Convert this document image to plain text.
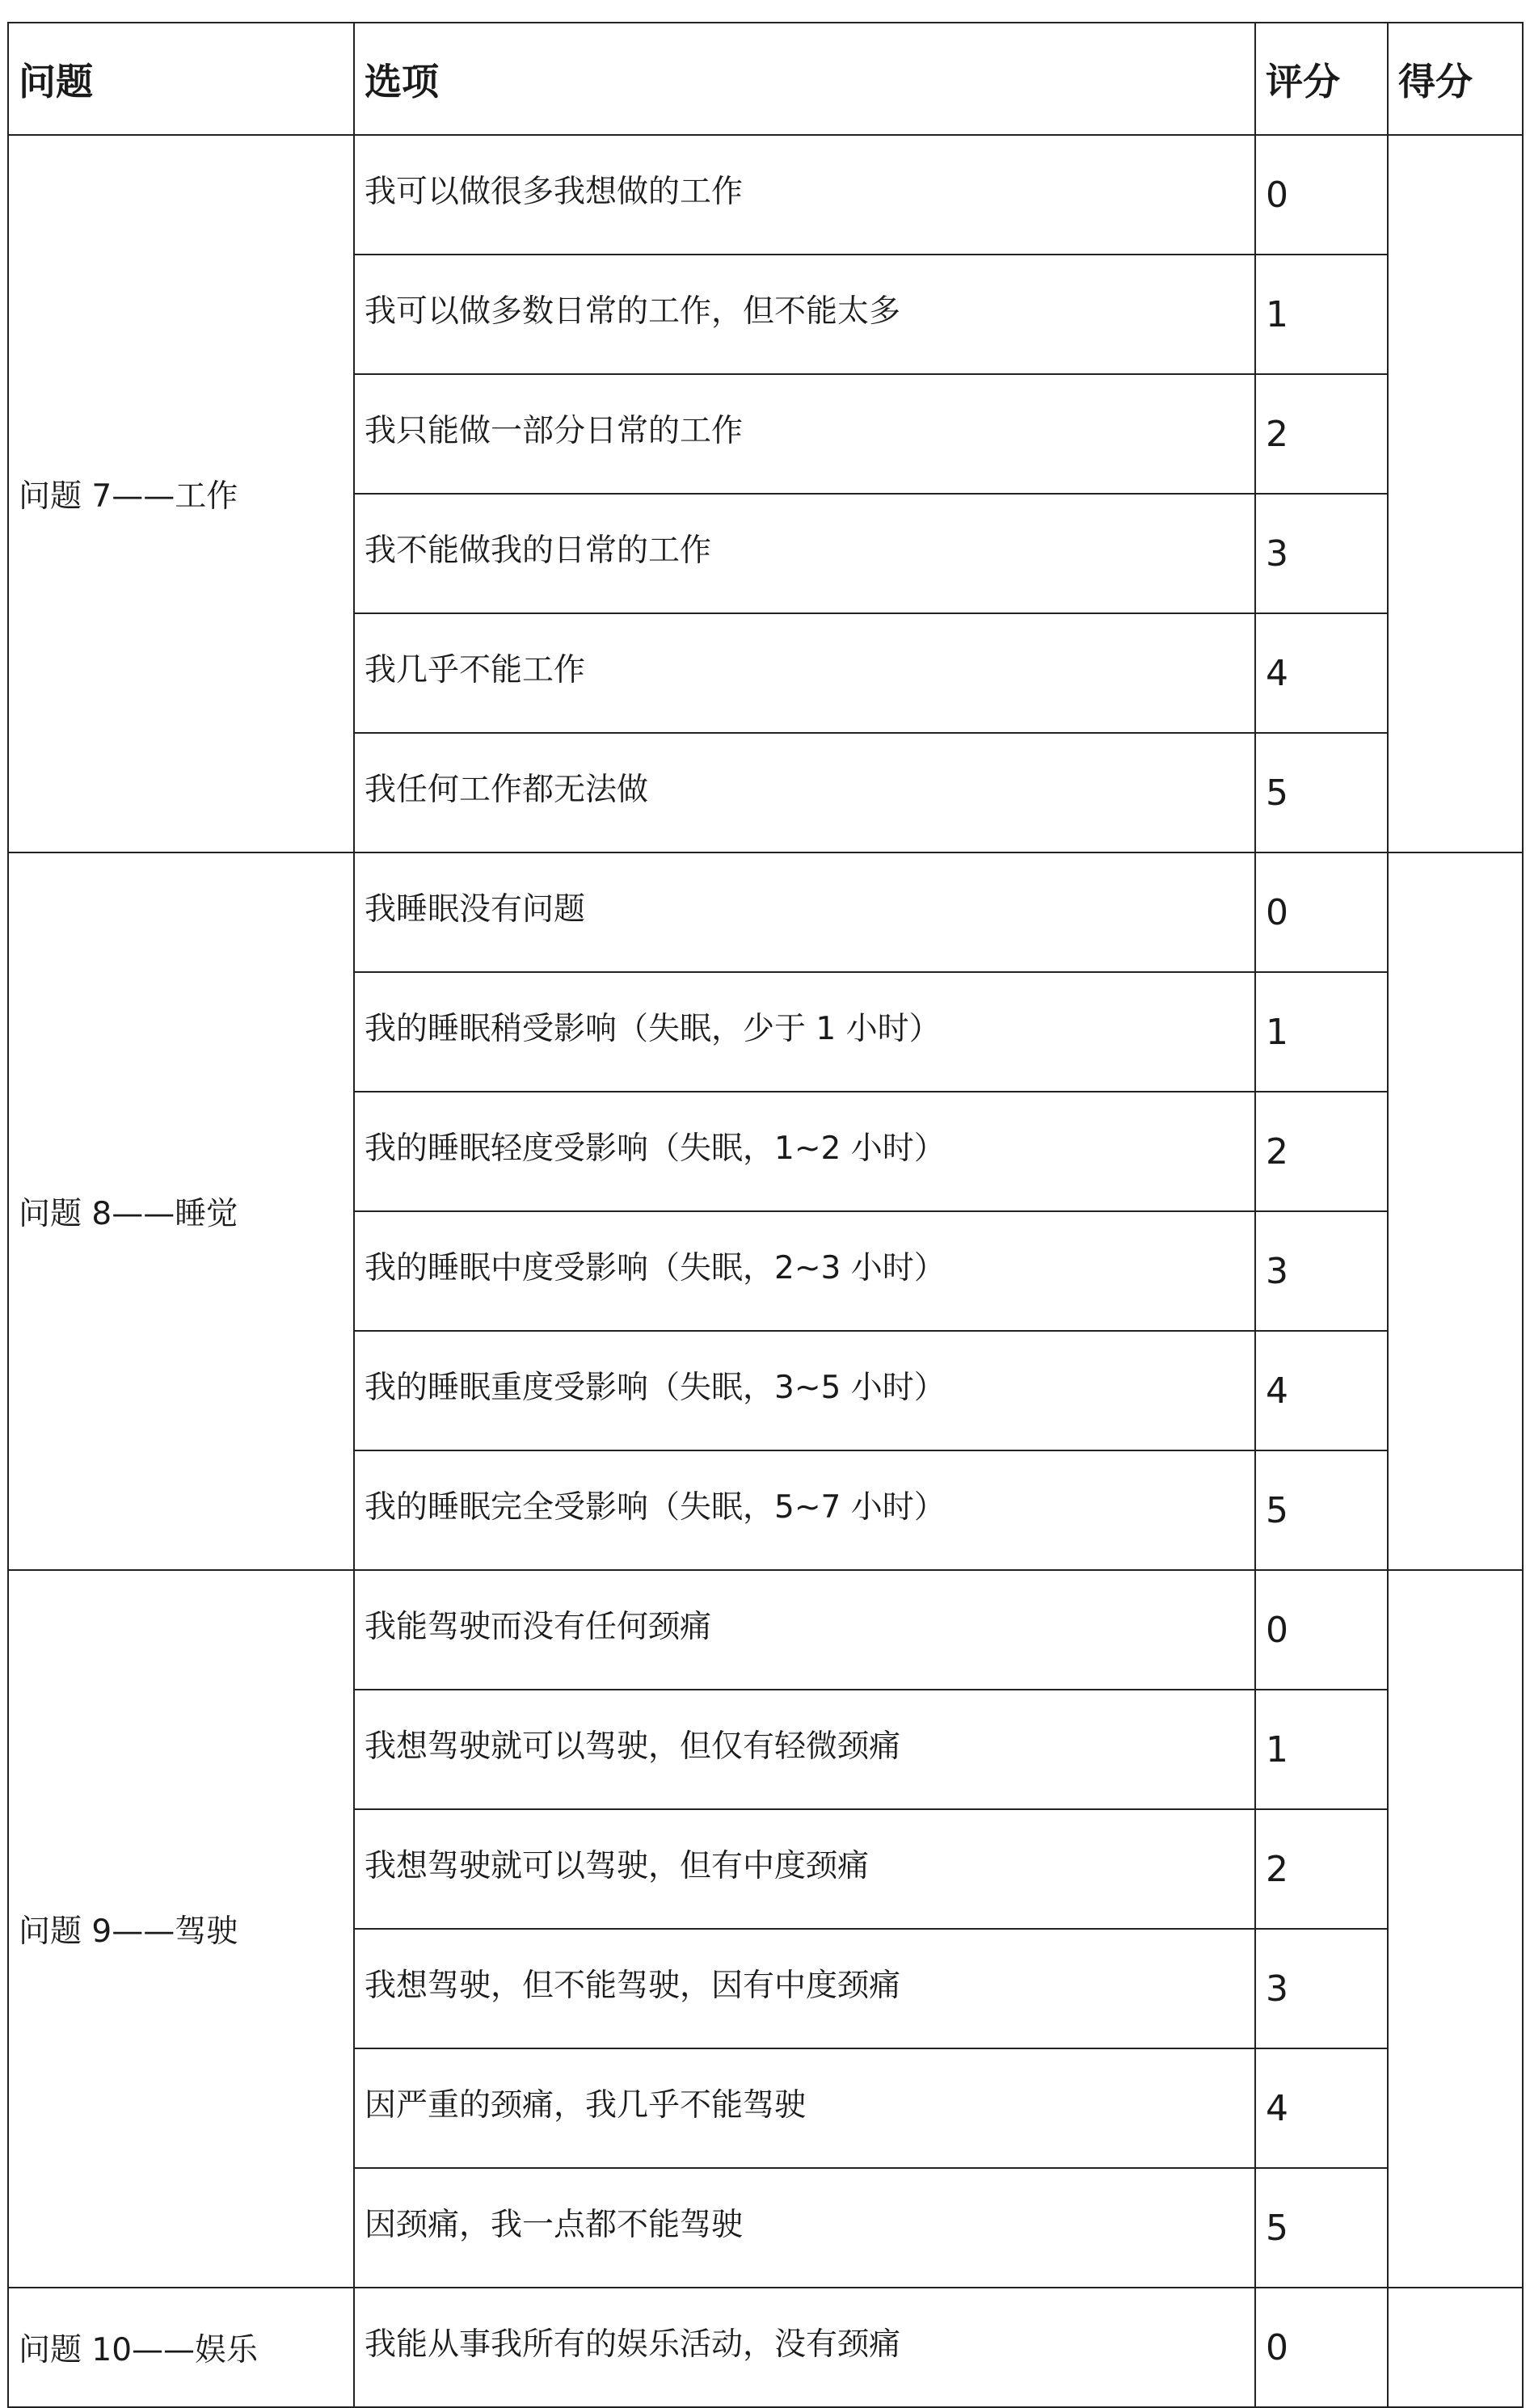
问题	选项	评分	得分
问题 7——工作	我可以做很多我想做的工作	0	
	我可以做多数日常的工作，但不能太多	1	
	我只能做一部分日常的工作	2	
	我不能做我的日常的工作	3	
	我几乎不能工作	4	
	我任何工作都无法做	5	
问题 8——睡觉	我睡眠没有问题	0	
	我的睡眠稍受影响（失眠，少于 1 小时）	1	
	我的睡眠轻度受影响（失眠，1~2 小时）	2	
	我的睡眠中度受影响（失眠，2~3 小时）	3	
	我的睡眠重度受影响（失眠，3~5 小时）	4	
	我的睡眠完全受影响（失眠，5~7 小时）	5	
问题 9——驾驶	我能驾驶而没有任何颈痛	0	
	我想驾驶就可以驾驶，但仅有轻微颈痛	1	
	我想驾驶就可以驾驶，但有中度颈痛	2	
	我想驾驶，但不能驾驶，因有中度颈痛	3	
	因严重的颈痛，我几乎不能驾驶	4	
	因颈痛，我一点都不能驾驶	5	
问题 10——娱乐	我能从事我所有的娱乐活动，没有颈痛	0	
